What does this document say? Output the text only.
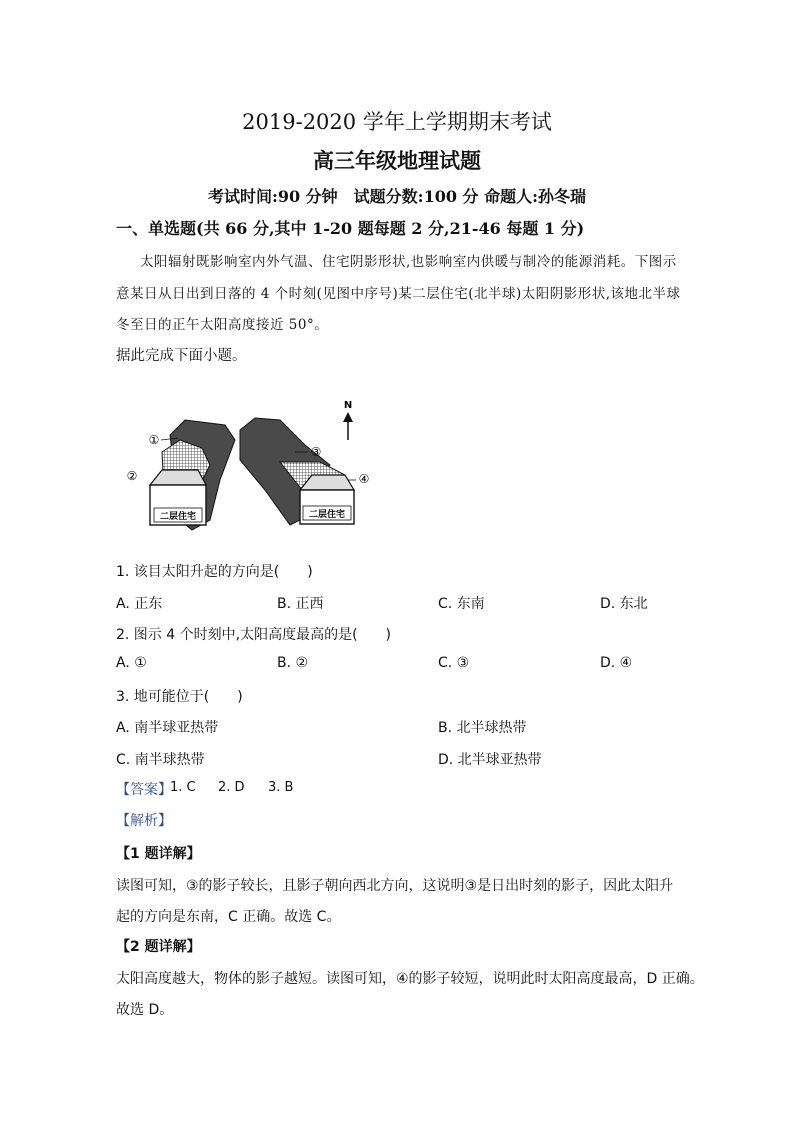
2019-2020 学年上学期期末考试
高三年级地理试题
考试时间:90 分钟　试题分数:100 分 命题人:孙冬瑞
一、单选题(共 66 分,其中 1-20 题每题 2 分,21-46 每题 1 分)
太阳辐射既影响室内外气温、住宅阴影形状,也影响室内供暖与制冷的能源消耗。下图示
意某日从日出到日落的 4 个时刻(见图中序号)某二层住宅(北半球)太阳阴影形状,该地北半球
冬至日的正午太阳高度接近 50°。
据此完成下面小题。
二层住宅	二层住宅
N
①
②
③
④
1. 该目太阳升起的方向是(　　)
A. 正东	B. 正西	C. 东南	D. 东北
2. 图示 4 个时刻中,太阳高度最高的是(　　)
A. ①	B. ②	C. ③	D. ④
3. 地可能位于(　　)
A. 南半球亚热带	B. 北半球热带
C. 南半球热带	D. 北半球亚热带
【答案】
1. C 2. D 3. B
【解析】
【1 题详解】
读图可知，③的影子较长，且影子朝向西北方向，这说明③是日出时刻的影子，因此太阳升
起的方向是东南，C 正确。故选 C。
【2 题详解】
太阳高度越大，物体的影子越短。读图可知，④的影子较短，说明此时太阳高度最高，D 正确。
故选 D。
